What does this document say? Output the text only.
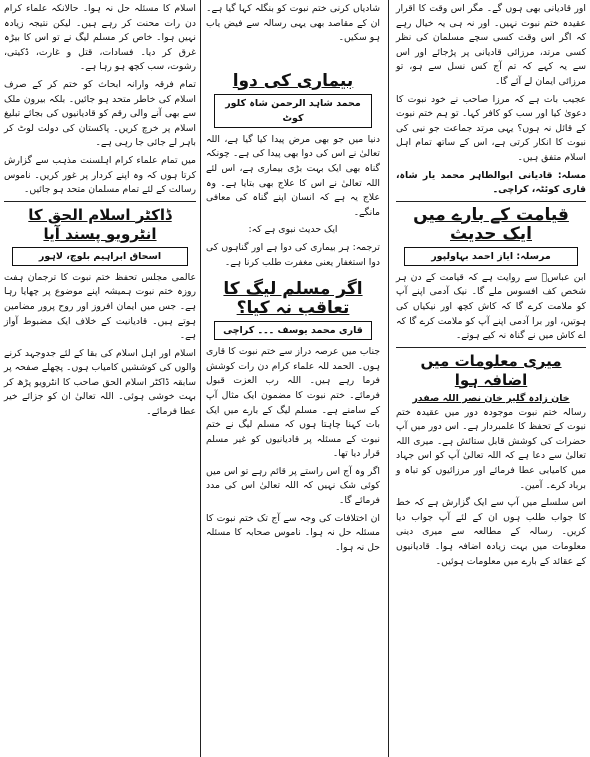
اور قادیانی بھی ہوں گے۔ مگر اس وقت کا اقرار عقیدہ ختم نبوت نہیں۔ اور نہ ہی یہ خیال رہے کہ اگر اس وقت کسی سچے مسلمان کی نظر کسی مرتد، مرزائی قادیانی پر پڑجائے اور اس سے یہ کہے کہ تم آج کس نسل سے ہو، تو مرزائی ایمان لے آئے گا۔

عجیب بات ہے کہ مرزا صاحب نے خود نبوت کا دعویٰ کیا اور سب کو کافر کہا۔ تو ہم ختم نبوت کے قائل نہ ہوں؟ یہی مرتد جماعت جو نبی کی نبوت کا انکار کرتی ہے، اس کے ساتھ تمام اہل اسلام متفق ہیں۔

مسلہ: قادیانی ابوالطاہر محمد یار شاہ، قاری کوئٹہ، کراچی۔

قیامت کے بارے میں ایک حدیث
مرسلہ: ایاز احمد بہاولپور

ابن عباسؓ سے روایت ہے کہ قیامت کے دن ہر شخص کف افسوس ملے گا۔ نیک آدمی اپنے آپ کو ملامت کرے گا کہ کاش کچھ اور نیکیاں کی ہوتیں، اور برا آدمی اپنے آپ کو ملامت کرے گا کہ اے کاش میں نے گناہ نہ کیے ہوتے۔

میری معلومات میں اضافہ ہوا
خان زادہ گلیر خان نصر اللہ صفدر

رسالہ ختم نبوت موجودہ دور میں عقیدہ ختم نبوت کے تحفظ کا علمبردار ہے۔ اس دور میں آپ حضرات کی کوشش قابل ستائش ہے۔ میری اللہ تعالیٰ سے دعا ہے کہ اللہ تعالیٰ آپ کو اس جہاد میں کامیابی عطا فرمائے اور مرزائیوں کو تباہ و برباد کرے۔ آمین۔

اس سلسلے میں آپ سے ایک گزارش ہے کہ خط کا جواب طلب ہوں ان کے لئے آپ جواب دیا کریں۔ رسالہ کے مطالعہ سے میری دینی معلومات میں بہت زیادہ اضافہ ہوا۔ قادیانیوں کے عقائد کے بارے میں معلومات ہوئیں۔

شادیاں کرنی ختم نبوت کو بنگلہ کہا گیا ہے۔ ان کے مقاصد بھی یہی رسالہ سے فیض یاب ہو سکیں۔

بیماری کی دوا
محمد شاہد الرحمن شاہ کلور کوٹ

دنیا میں جو بھی مرض پیدا کیا گیا ہے، اللہ تعالیٰ نے اس کی دوا بھی پیدا کی ہے۔ چونکہ گناہ بھی ایک بہت بڑی بیماری ہے، اس لئے اللہ تعالیٰ نے اس کا علاج بھی بتایا ہے۔ وہ علاج یہ ہے کہ انسان اپنے گناہ کی معافی مانگے۔

ایک حدیث نبوی ہے کہ:

ترجمہ: ہر بیماری کی دوا ہے اور گناہوں کی دوا استغفار یعنی مغفرت طلب کرنا ہے۔

اگر مسلم لیگ کا تعاقب نہ کیا؟
قاری محمد یوسف ۔۔۔ کراچی

جناب میں عرصہ دراز سے ختم نبوت کا قاری ہوں۔ الحمد للہ علماء کرام دن رات کوشش فرما رہے ہیں۔ اللہ رب العزت قبول فرمائے۔ ختم نبوت کا مضمون ایک مثال آپ کے سامنے ہے۔ مسلم لیگ کے بارے میں ایک بات کہنا چاہتا ہوں کہ مسلم لیگ نے ختم نبوت کے مسئلہ پر قادیانیوں کو غیر مسلم قرار دیا تھا۔

اگر وہ آج اس راستے پر قائم رہے تو اس میں کوئی شک نہیں کہ اللہ تعالیٰ اس کی مدد فرمائے گا۔

ان اختلافات کی وجہ سے آج تک ختم نبوت کا مسئلہ حل نہ ہوا۔ ناموس صحابہ کا مسئلہ حل نہ ہوا۔

اسلام کا مسئلہ حل نہ ہوا۔ حالانکہ علماء کرام دن رات محنت کر رہے ہیں۔ لیکن نتیجہ زیادہ نہیں ہوا۔ خاص کر مسلم لیگ نے تو اس کا بیڑہ غرق کر دیا۔ فسادات، قتل و غارت، ڈکیتی، رشوت، سب کچھ ہو رہا ہے۔

تمام فرقہ وارانہ ابحاث کو ختم کر کے صرف اسلام کی خاطر متحد ہو جائیں۔ بلکہ بیرون ملک سے بھی آنے والی رقم کو قادیانیوں کی بجائے تبلیغ اسلام پر خرچ کریں۔ پاکستان کی دولت لوٹ کر باہر لے جائی جا رہی ہے۔

میں تمام علماء کرام اہلسنت مذہب سے گزارش کرتا ہوں کہ وہ اپنے کردار پر غور کریں۔ ناموس رسالت کے لئے تمام مسلمان متحد ہو جائیں۔

ڈاکٹر اسلام الحق کا انٹرویو پسند آیا
اسحاق ابراہیم بلوچ، لاہور

عالمی مجلس تحفظ ختم نبوت کا ترجمان ہفت روزہ ختم نبوت ہمیشہ اپنے موضوع پر چھایا رہا ہے۔ جس میں ایمان افروز اور روح پرور مضامین ہوتے ہیں۔ قادیانیت کے خلاف ایک مضبوط آواز ہے۔

اسلام اور اہل اسلام کی بقا کے لئے جدوجہد کرنے والوں کی کوششیں کامیاب ہوں۔ پچھلے صفحہ پر سابقہ ڈاکٹر اسلام الحق صاحب کا انٹرویو پڑھ کر بہت خوشی ہوئی۔ اللہ تعالیٰ ان کو جزائے خیر عطا فرمائے۔
